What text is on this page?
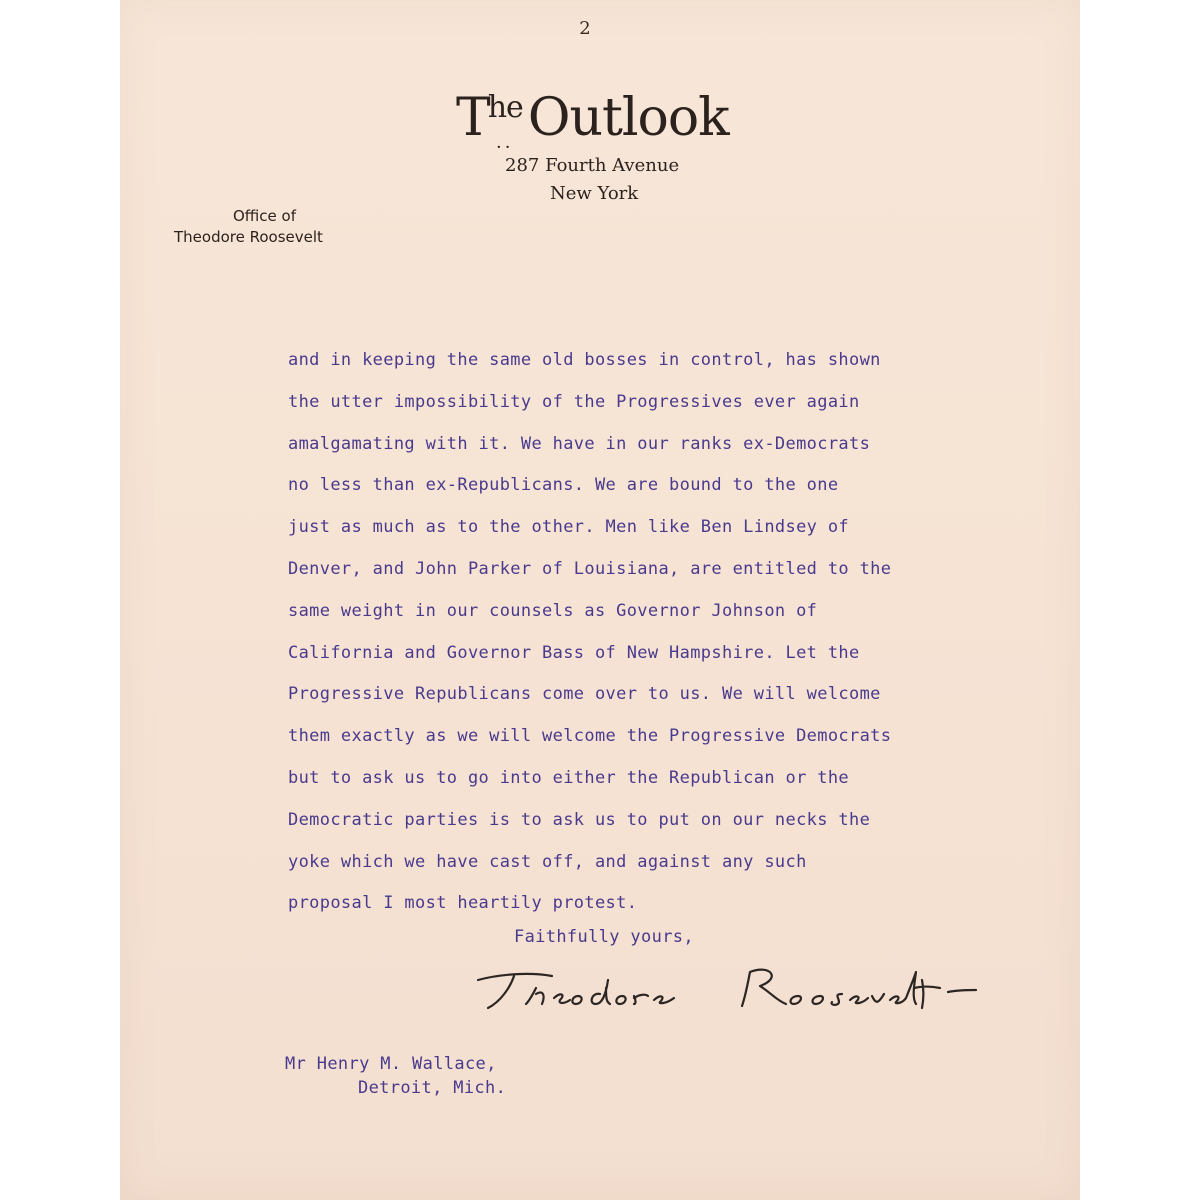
2
The
·· Outlook
287 Fourth Avenue
New York
Office of
Theodore Roosevelt
and in keeping the same old bosses in control, has shown
the utter impossibility of the Progressives ever again
amalgamating with it. We have in our ranks ex-Democrats
no less than ex-Republicans. We are bound to the one
just as much as to the other. Men like Ben Lindsey of
Denver, and John Parker of Louisiana, are entitled to the
same weight in our counsels as Governor Johnson of
California and Governor Bass of New Hampshire. Let the
Progressive Republicans come over to us. We will welcome
them exactly as we will welcome the Progressive Democrats
but to ask us to go into either the Republican or the
Democratic parties is to ask us to put on our necks the
yoke which we have cast off, and against any such
proposal I most heartily protest.
Faithfully yours,
Mr Henry M. Wallace,
Detroit, Mich.
